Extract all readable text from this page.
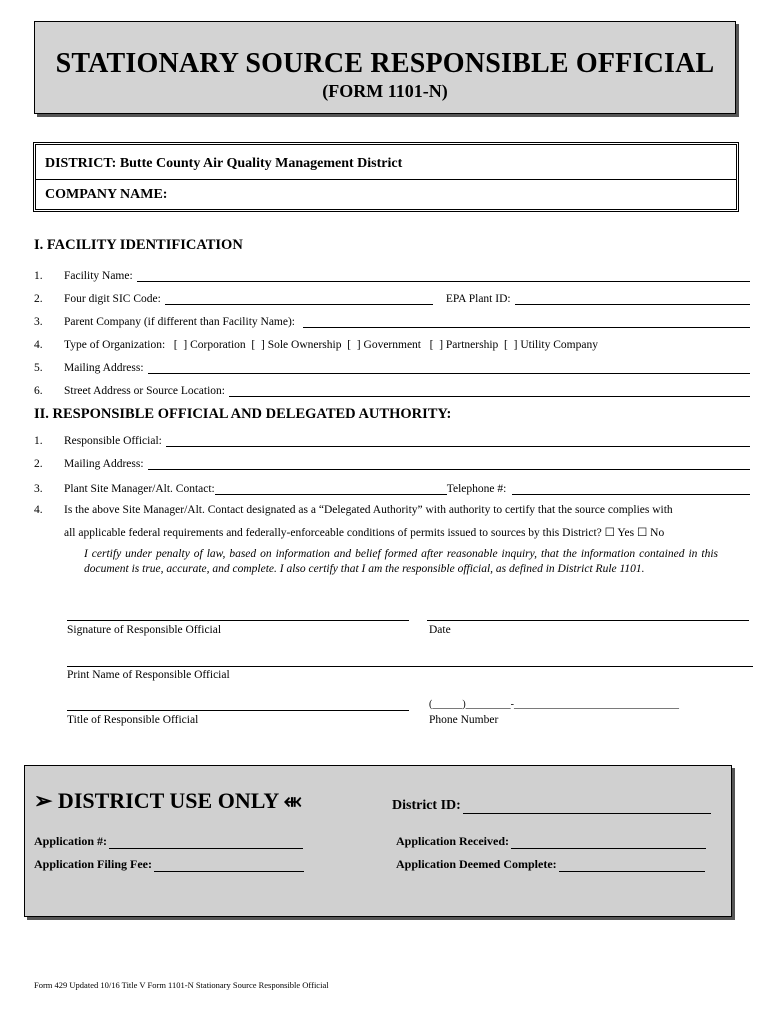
STATIONARY SOURCE RESPONSIBLE OFFICIAL
(FORM 1101-N)
DISTRICT: Butte County Air Quality Management District
COMPANY NAME:
I. FACILITY IDENTIFICATION
1.	Facility Name:
2.	Four digit SIC Code:	EPA Plant ID:
3.	Parent Company (if different than Facility Name):
4.	Type of Organization:   [  ] Corporation  [  ] Sole Ownership  [  ] Government   [  ] Partnership  [  ] Utility Company
5.	Mailing Address:
6.	Street Address or Source Location:
II. RESPONSIBLE OFFICIAL AND DELEGATED AUTHORITY:
1.	Responsible Official:
2.	Mailing Address:
3.	Plant Site Manager/Alt. Contact:	Telephone #:
4.	Is the above Site Manager/Alt. Contact designated as a “Delegated Authority” with authority to certify that the source complies with
all applicable federal requirements and federally-enforceable conditions of permits issued to sources by this District? ☐ Yes ☐ No
I certify under penalty of law, based on information and belief formed after reasonable inquiry, that the information contained in this document is true, accurate, and complete. I also certify that I am the responsible official, as defined in District Rule 1101.
Signature of Responsible Official	Date
Print Name of Responsible Official
(______)_________-_________________________________
Title of Responsible Official	Phone Number
➢ DISTRICT USE ONLY ⬺	District ID:
Application #:	Application Received:
Application Filing Fee:	Application Deemed Complete:
Form 429 Updated 10/16 Title V Form 1101-N Stationary Source Responsible Official
